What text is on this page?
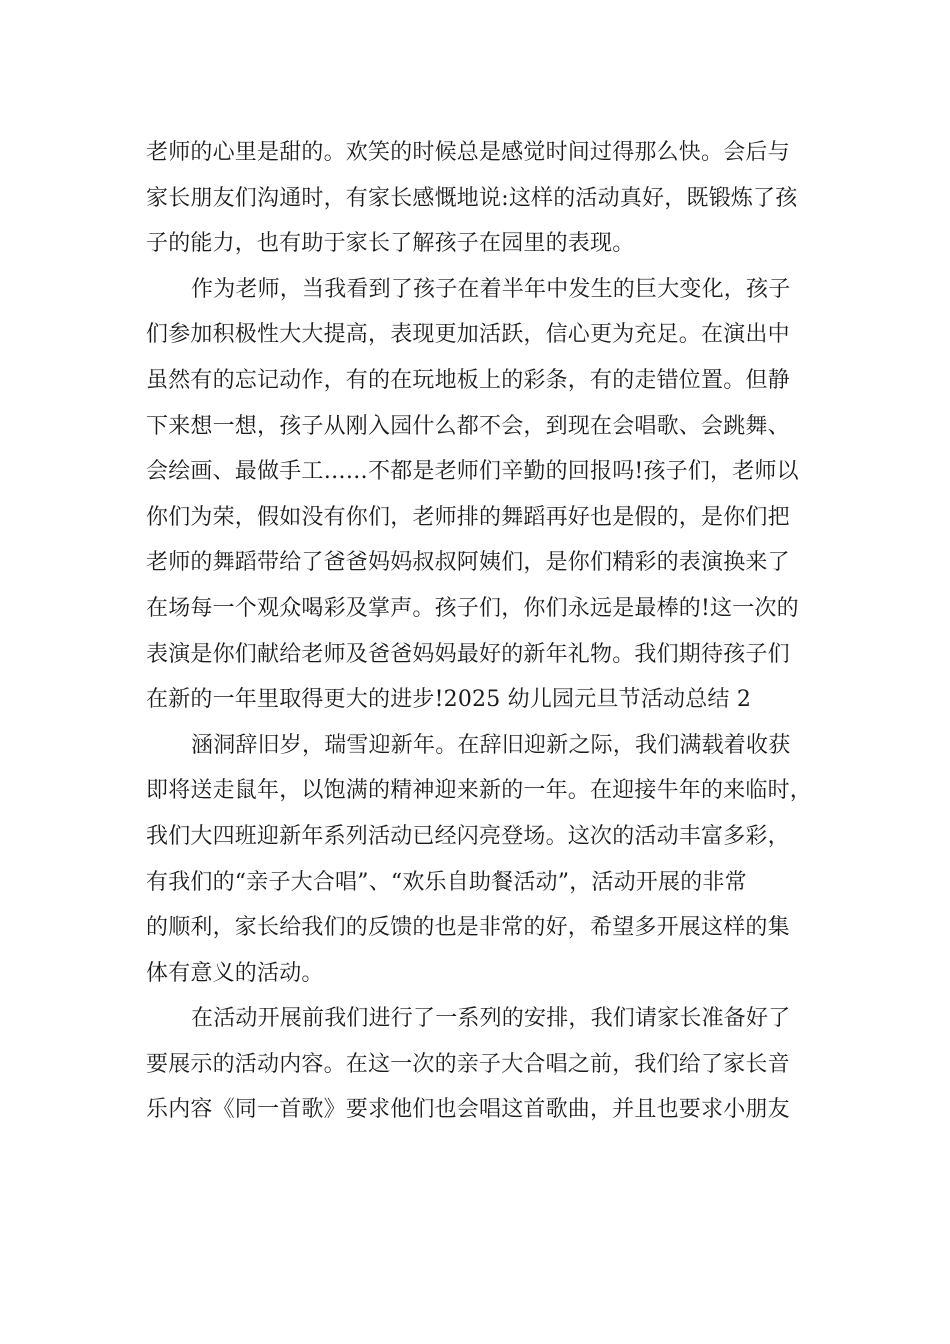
老师的心里是甜的。欢笑的时候总是感觉时间过得那么快。会后与
家长朋友们沟通时，有家长感慨地说:这样的活动真好，既锻炼了孩
子的能力，也有助于家长了解孩子在园里的表现。
作为老师，当我看到了孩子在着半年中发生的巨大变化，孩子
们参加积极性大大提高，表现更加活跃，信心更为充足。在演出中
虽然有的忘记动作，有的在玩地板上的彩条，有的走错位置。但静
下来想一想，孩子从刚入园什么都不会，到现在会唱歌、会跳舞、
会绘画、最做手工……不都是老师们辛勤的回报吗!孩子们，老师以
你们为荣，假如没有你们，老师排的舞蹈再好也是假的，是你们把
老师的舞蹈带给了爸爸妈妈叔叔阿姨们，是你们精彩的表演换来了
在场每一个观众喝彩及掌声。孩子们，你们永远是最棒的!这一次的
表演是你们献给老师及爸爸妈妈最好的新年礼物。我们期待孩子们
在新的一年里取得更大的进步!2025 幼儿园元旦节活动总结 2
涵洞辞旧岁，瑞雪迎新年。在辞旧迎新之际，我们满载着收获
即将送走鼠年，以饱满的精神迎来新的一年。在迎接牛年的来临时，
我们大四班迎新年系列活动已经闪亮登场。这次的活动丰富多彩，
有我们的“亲子大合唱”、“欢乐自助餐活动”，活动开展的非常
的顺利，家长给我们的反馈的也是非常的好，希望多开展这样的集
体有意义的活动。
在活动开展前我们进行了一系列的安排，我们请家长准备好了
要展示的活动内容。在这一次的亲子大合唱之前，我们给了家长音
乐内容《同一首歌》要求他们也会唱这首歌曲，并且也要求小朋友
